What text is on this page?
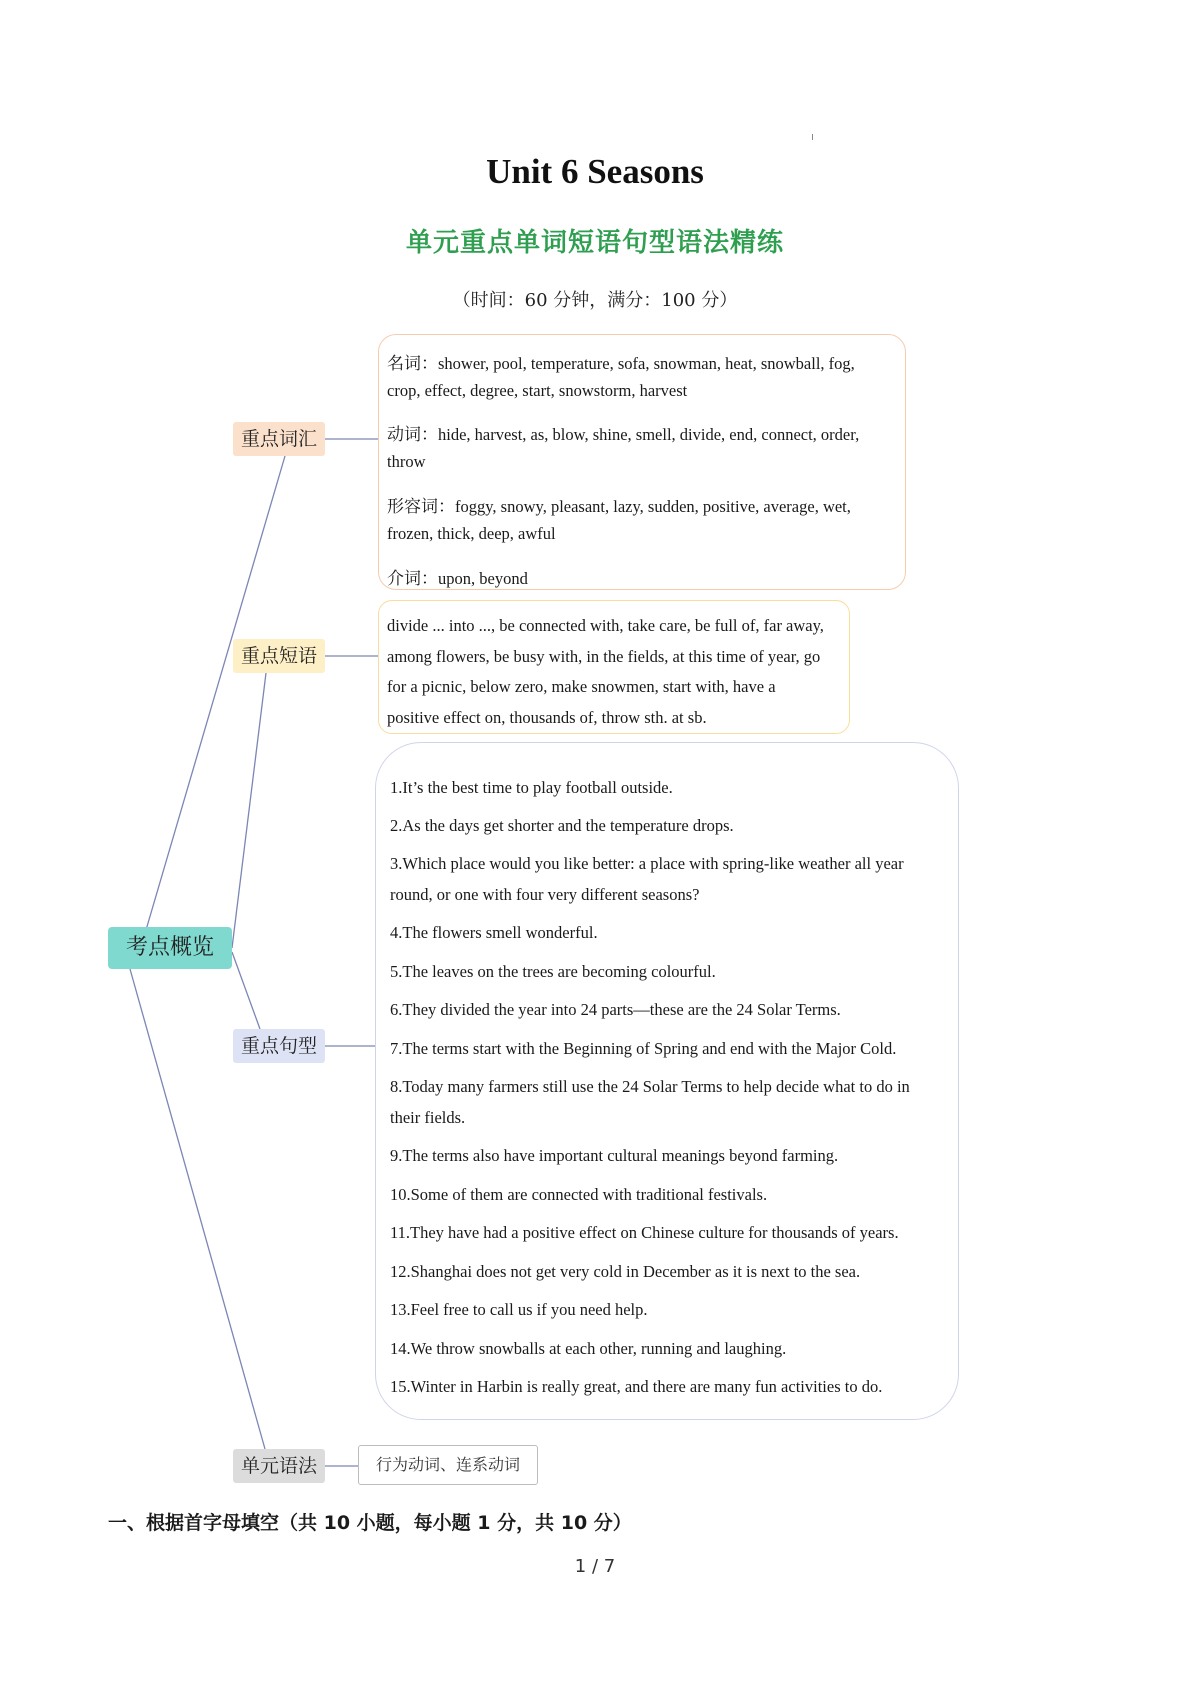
Unit 6 Seasons
单元重点单词短语句型语法精练
（时间：60 分钟，满分：100 分）
考点概览
重点词汇
重点短语
重点句型
单元语法
名词：shower, pool, temperature, sofa, snowman, heat, snowball, fog,
crop, effect, degree, start, snowstorm, harvest
动词：hide, harvest, as, blow, shine, smell, divide, end, connect, order,
throw
形容词：foggy, snowy, pleasant, lazy, sudden, positive, average, wet,
frozen, thick, deep, awful
介词：upon, beyond
divide ... into ..., be connected with, take care, be full of, far away,
among flowers, be busy with, in the fields, at this time of year, go
for a picnic, below zero, make snowmen, start with, have a
positive effect on, thousands of, throw sth. at sb.
1.It’s the best time to play football outside.
2.As the days get shorter and the temperature drops.
3.Which place would you like better: a place with spring-like weather all year
round, or one with four very different seasons?
4.The flowers smell wonderful.
5.The leaves on the trees are becoming colourful.
6.They divided the year into 24 parts—these are the 24 Solar Terms.
7.The terms start with the Beginning of Spring and end with the Major Cold.
8.Today many farmers still use the 24 Solar Terms to help decide what to do in
their fields.
9.The terms also have important cultural meanings beyond farming.
10.Some of them are connected with traditional festivals.
11.They have had a positive effect on Chinese culture for thousands of years.
12.Shanghai does not get very cold in December as it is next to the sea.
13.Feel free to call us if you need help.
14.We throw snowballs at each other, running and laughing.
15.Winter in Harbin is really great, and there are many fun activities to do.
行为动词、连系动词
一、根据首字母填空（共 10 小题，每小题 1 分，共 10 分）
1 / 7
